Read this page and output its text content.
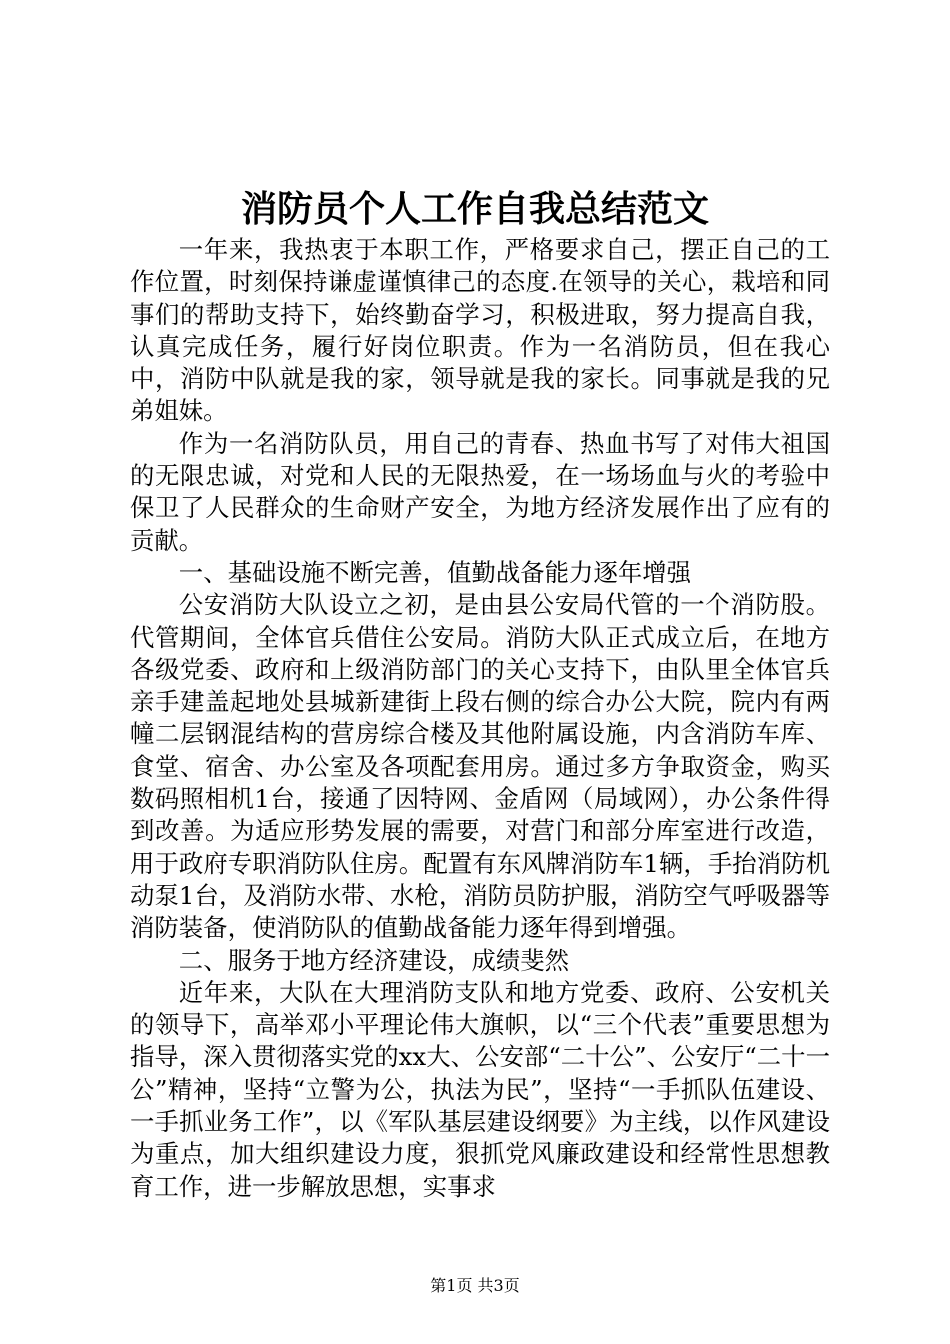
消防员个人工作自我总结范文

一年来，我热衷于本职工作，严格要求自己，摆正自己的工作位置，时刻保持谦虚谨慎律己的态度.在领导的关心，栽培和同事们的帮助支持下，始终勤奋学习，积极进取，努力提高自我，认真完成任务，履行好岗位职责。作为一名消防员，但在我心中，消防中队就是我的家，领导就是我的家长。同事就是我的兄弟姐妹。

作为一名消防队员，用自己的青春、热血书写了对伟大祖国的无限忠诚，对党和人民的无限热爱，在一场场血与火的考验中保卫了人民群众的生命财产安全，为地方经济发展作出了应有的贡献。

一、基础设施不断完善，值勤战备能力逐年增强

公安消防大队设立之初，是由县公安局代管的一个消防股。代管期间，全体官兵借住公安局。消防大队正式成立后，在地方各级党委、政府和上级消防部门的关心支持下，由队里全体官兵亲手建盖起地处县城新建街上段右侧的综合办公大院，院内有两幢二层钢混结构的营房综合楼及其他附属设施，内含消防车库、食堂、宿舍、办公室及各项配套用房。通过多方争取资金，购买数码照相机1台，接通了因特网、金盾网（局域网），办公条件得到改善。为适应形势发展的需要，对营门和部分库室进行改造，用于政府专职消防队住房。配置有东风牌消防车1辆，手抬消防机动泵1台，及消防水带、水枪，消防员防护服，消防空气呼吸器等消防装备，使消防队的值勤战备能力逐年得到增强。

二、服务于地方经济建设，成绩斐然

近年来，大队在大理消防支队和地方党委、政府、公安机关的领导下，高举邓小平理论伟大旗帜，以“三个代表”重要思想为指导，深入贯彻落实党的xx大、公安部“二十公”、公安厅“二十一公”精神，坚持“立警为公，执法为民”，坚持“一手抓队伍建设、一手抓业务工作”，以《军队基层建设纲要》为主线，以作风建设为重点，加大组织建设力度，狠抓党风廉政建设和经常性思想教育工作，进一步解放思想，实事求

第1页 共3页
